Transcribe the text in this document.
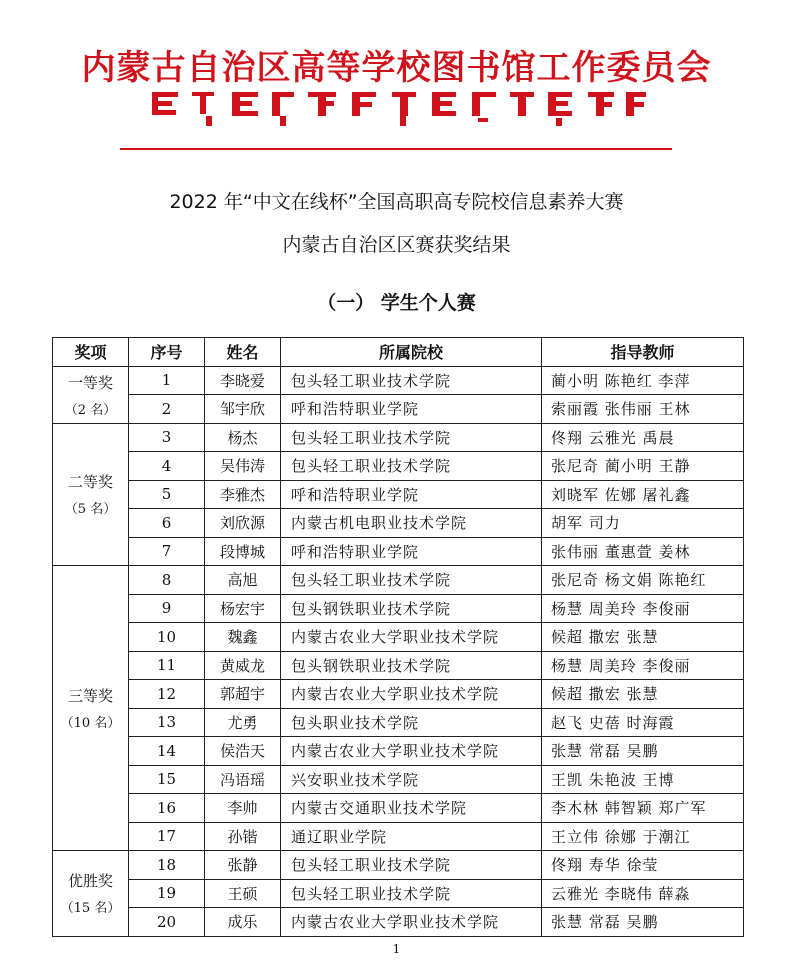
内蒙古自治区高等学校图书馆工作委员会
2022 年“中文在线杯”全国高职高专院校信息素养大赛
内蒙古自治区区赛获奖结果
（一） 学生个人赛
奖项	序号	姓名	所属院校	指导教师

一等奖
（2 名）	1	李晓爱	包头轻工职业技术学院	蔺小明 陈艳红 李萍
	2	邹宇欣	呼和浩特职业学院	索丽霞 张伟丽 王林

二等奖
（5 名）	3	杨杰	包头轻工职业技术学院	佟翔 云雅光 禹晨
	4	吴伟涛	包头轻工职业技术学院	张尼奇 蔺小明 王静
	5	李雅杰	呼和浩特职业学院	刘晓军 佐娜 屠礼鑫
	6	刘欣源	内蒙古机电职业技术学院	胡军 司力
	7	段博城	呼和浩特职业学院	张伟丽 董惠萱 姜林

三等奖
（10 名）	8	高旭	包头轻工职业技术学院	张尼奇 杨文娟 陈艳红
	9	杨宏宇	包头钢铁职业技术学院	杨慧 周美玲 李俊丽
	10	魏鑫	内蒙古农业大学职业技术学院	候超 撒宏 张慧
	11	黄威龙	包头钢铁职业技术学院	杨慧 周美玲 李俊丽
	12	郭超宇	内蒙古农业大学职业技术学院	候超 撒宏 张慧
	13	尤勇	包头职业技术学院	赵飞 史蓓 时海霞
	14	侯浩天	内蒙古农业大学职业技术学院	张慧 常磊 吴鹏
	15	冯语瑶	兴安职业技术学院	王凯 朱艳波 王博
	16	李帅	内蒙古交通职业技术学院	李木林 韩智颖 郑广军
	17	孙锴	通辽职业学院	王立伟 徐娜 于潮江

优胜奖
（15 名）	18	张静	包头轻工职业技术学院	佟翔 寿华 徐莹
	19	王硕	包头轻工职业技术学院	云雅光 李晓伟 薛淼
	20	成乐	内蒙古农业大学职业技术学院	张慧 常磊 吴鹏
1
